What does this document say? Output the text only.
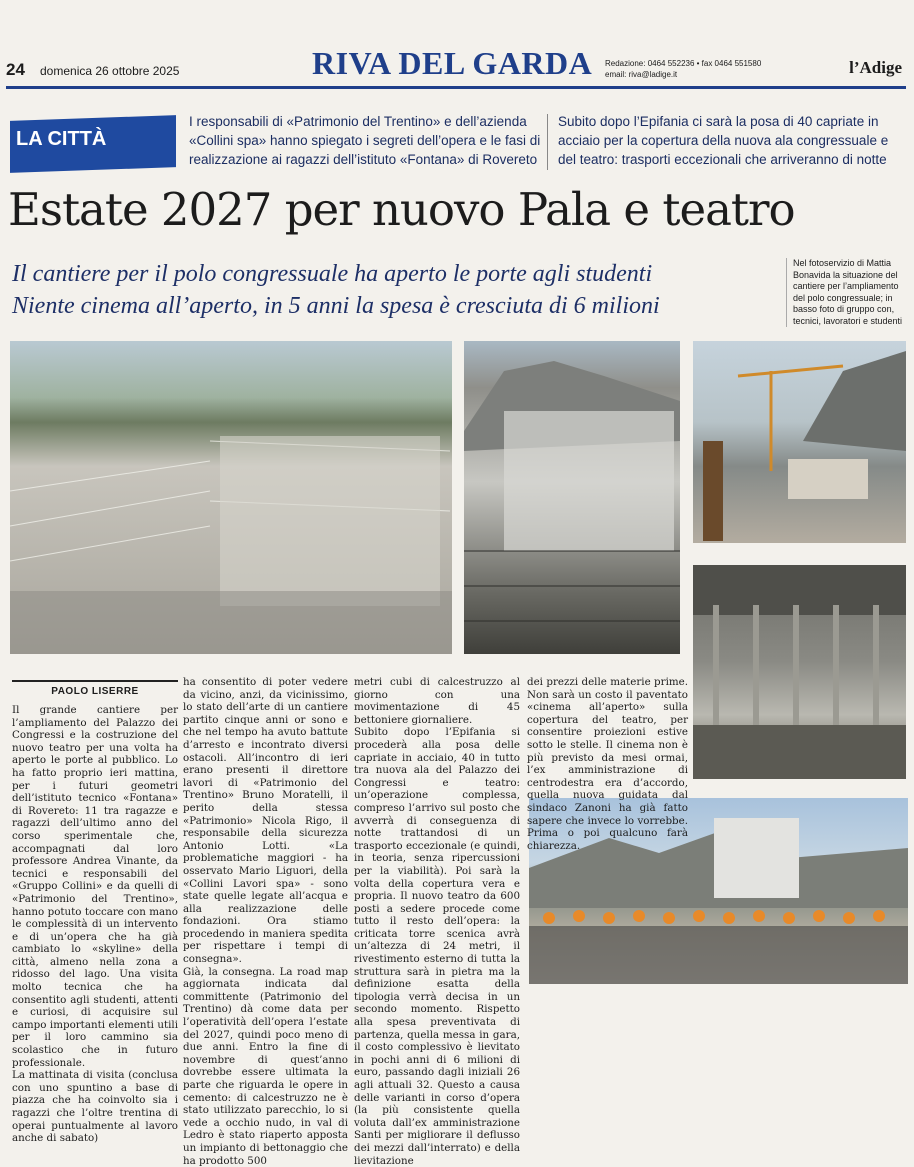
24 domenica 26 ottobre 2025	RIVA DEL GARDA Redazione: 0464 552236 • fax 0464 551580
email: riva@ladige.it	l’Adige
LA CITTÀ
I responsabili di «Patrimonio del Trentino» e dell’azienda «Collini spa» hanno spiegato i segreti dell’opera e le fasi di realizzazione ai ragazzi dell’istituto «Fontana» di Rovereto
Subito dopo l’Epifania ci sarà la posa di 40 capriate in acciaio per la copertura della nuova ala congressuale e del teatro: trasporti eccezionali che arriveranno di notte
Estate 2027 per nuovo Pala e teatro
Il cantiere per il polo congressuale ha aperto le porte agli studenti
Niente cinema all’aperto, in 5 anni la spesa è cresciuta di 6 milioni
Nel fotoservizio di Mattia Bonavida la situazione del cantiere per l’ampliamento del polo congressuale; in basso foto di gruppo con, tecnici, lavoratori e studenti
PAOLO LISERRE
Il grande cantiere per l’ampliamento del Palazzo dei Congressi e la costruzione del nuovo teatro per una volta ha aperto le porte al pubblico. Lo ha fatto proprio ieri mattina, per i futuri geometri dell’istituto tecnico «Fontana» di Rovereto: 11 tra ragazze e ragazzi dell’ultimo anno del corso sperimentale che, accompagnati dal loro professore Andrea Vinante, da tecnici e responsabili del «Gruppo Collini» e da quelli di «Patrimonio del Trentino», hanno potuto toccare con mano le complessità di un intervento e di un’opera che ha già cambiato lo «skyline» della città, almeno nella zona a ridosso del lago. Una visita molto tecnica che ha consentito agli studenti, attenti e curiosi, di acquisire sul campo importanti elementi utili per il loro cammino sia scolastico che in futuro professionale.
La mattinata di visita (conclusa con uno spuntino a base di piazza che ha coinvolto sia i ragazzi che l’oltre trentina di operai puntualmente al lavoro anche di sabato)
ha consentito di poter vedere da vicino, anzi, da vicinissimo, lo stato dell’arte di un cantiere partito cinque anni or sono e che nel tempo ha avuto battute d’arresto e incontrato diversi ostacoli. All’incontro di ieri erano presenti il direttore lavori di «Patrimonio del Trentino» Bruno Moratelli, il perito della stessa «Patrimonio» Nicola Rigo, il responsabile della sicurezza Antonio Lotti. «La problematiche maggiori - ha osservato Mario Liguori, della «Collini Lavori spa» - sono state quelle legate all’acqua e alla realizzazione delle fondazioni. Ora stiamo procedendo in maniera spedita per rispettare i tempi di consegna».
Già, la consegna. La road map aggiornata indicata dal committente (Patrimonio del Trentino) dà come data per l’operatività dell’opera l’estate del 2027, quindi poco meno di due anni. Entro la fine di novembre di quest’anno dovrebbe essere ultimata la parte che riguarda le opere in cemento: di calcestruzzo ne è stato utilizzato parecchio, lo si vede a occhio nudo, in val di Ledro è stato riaperto apposta un impianto di bettonaggio che ha prodotto 500
metri cubi di calcestruzzo al giorno con una movimentazione di 45 bettoniere giornaliere.
Subito dopo l’Epifania si procederà alla posa delle capriate in acciaio, 40 in tutto tra nuova ala del Palazzo dei Congressi e teatro: un’operazione complessa, compreso l’arrivo sul posto che avverrà di conseguenza di notte trattandosi di un trasporto eccezionale (e quindi, in teoria, senza ripercussioni per la viabilità). Poi sarà la volta della copertura vera e propria. Il nuovo teatro da 600 posti a sedere procede come tutto il resto dell’opera: la criticata torre scenica avrà un’altezza di 24 metri, il rivestimento esterno di tutta la struttura sarà in pietra ma la definizione esatta della tipologia verrà decisa in un secondo momento. Rispetto alla spesa preventivata di partenza, quella messa in gara, il costo complessivo è lievitato in pochi anni di 6 milioni di euro, passando dagli iniziali 26 agli attuali 32. Questo a causa delle varianti in corso d’opera (la più consistente quella voluta dall’ex amministrazione Santi per migliorare il deflusso dei mezzi dall’interrato) e della lievitazione
dei prezzi delle materie prime. Non sarà un costo il paventato «cinema all’aperto» sulla copertura del teatro, per consentire proiezioni estive sotto le stelle. Il cinema non è più previsto da mesi ormai, l’ex amministrazione di centrodestra era d’accordo, quella nuova guidata dal sindaco Zanoni ha già fatto sapere che invece lo vorrebbe. Prima o poi qualcuno farà chiarezza.
